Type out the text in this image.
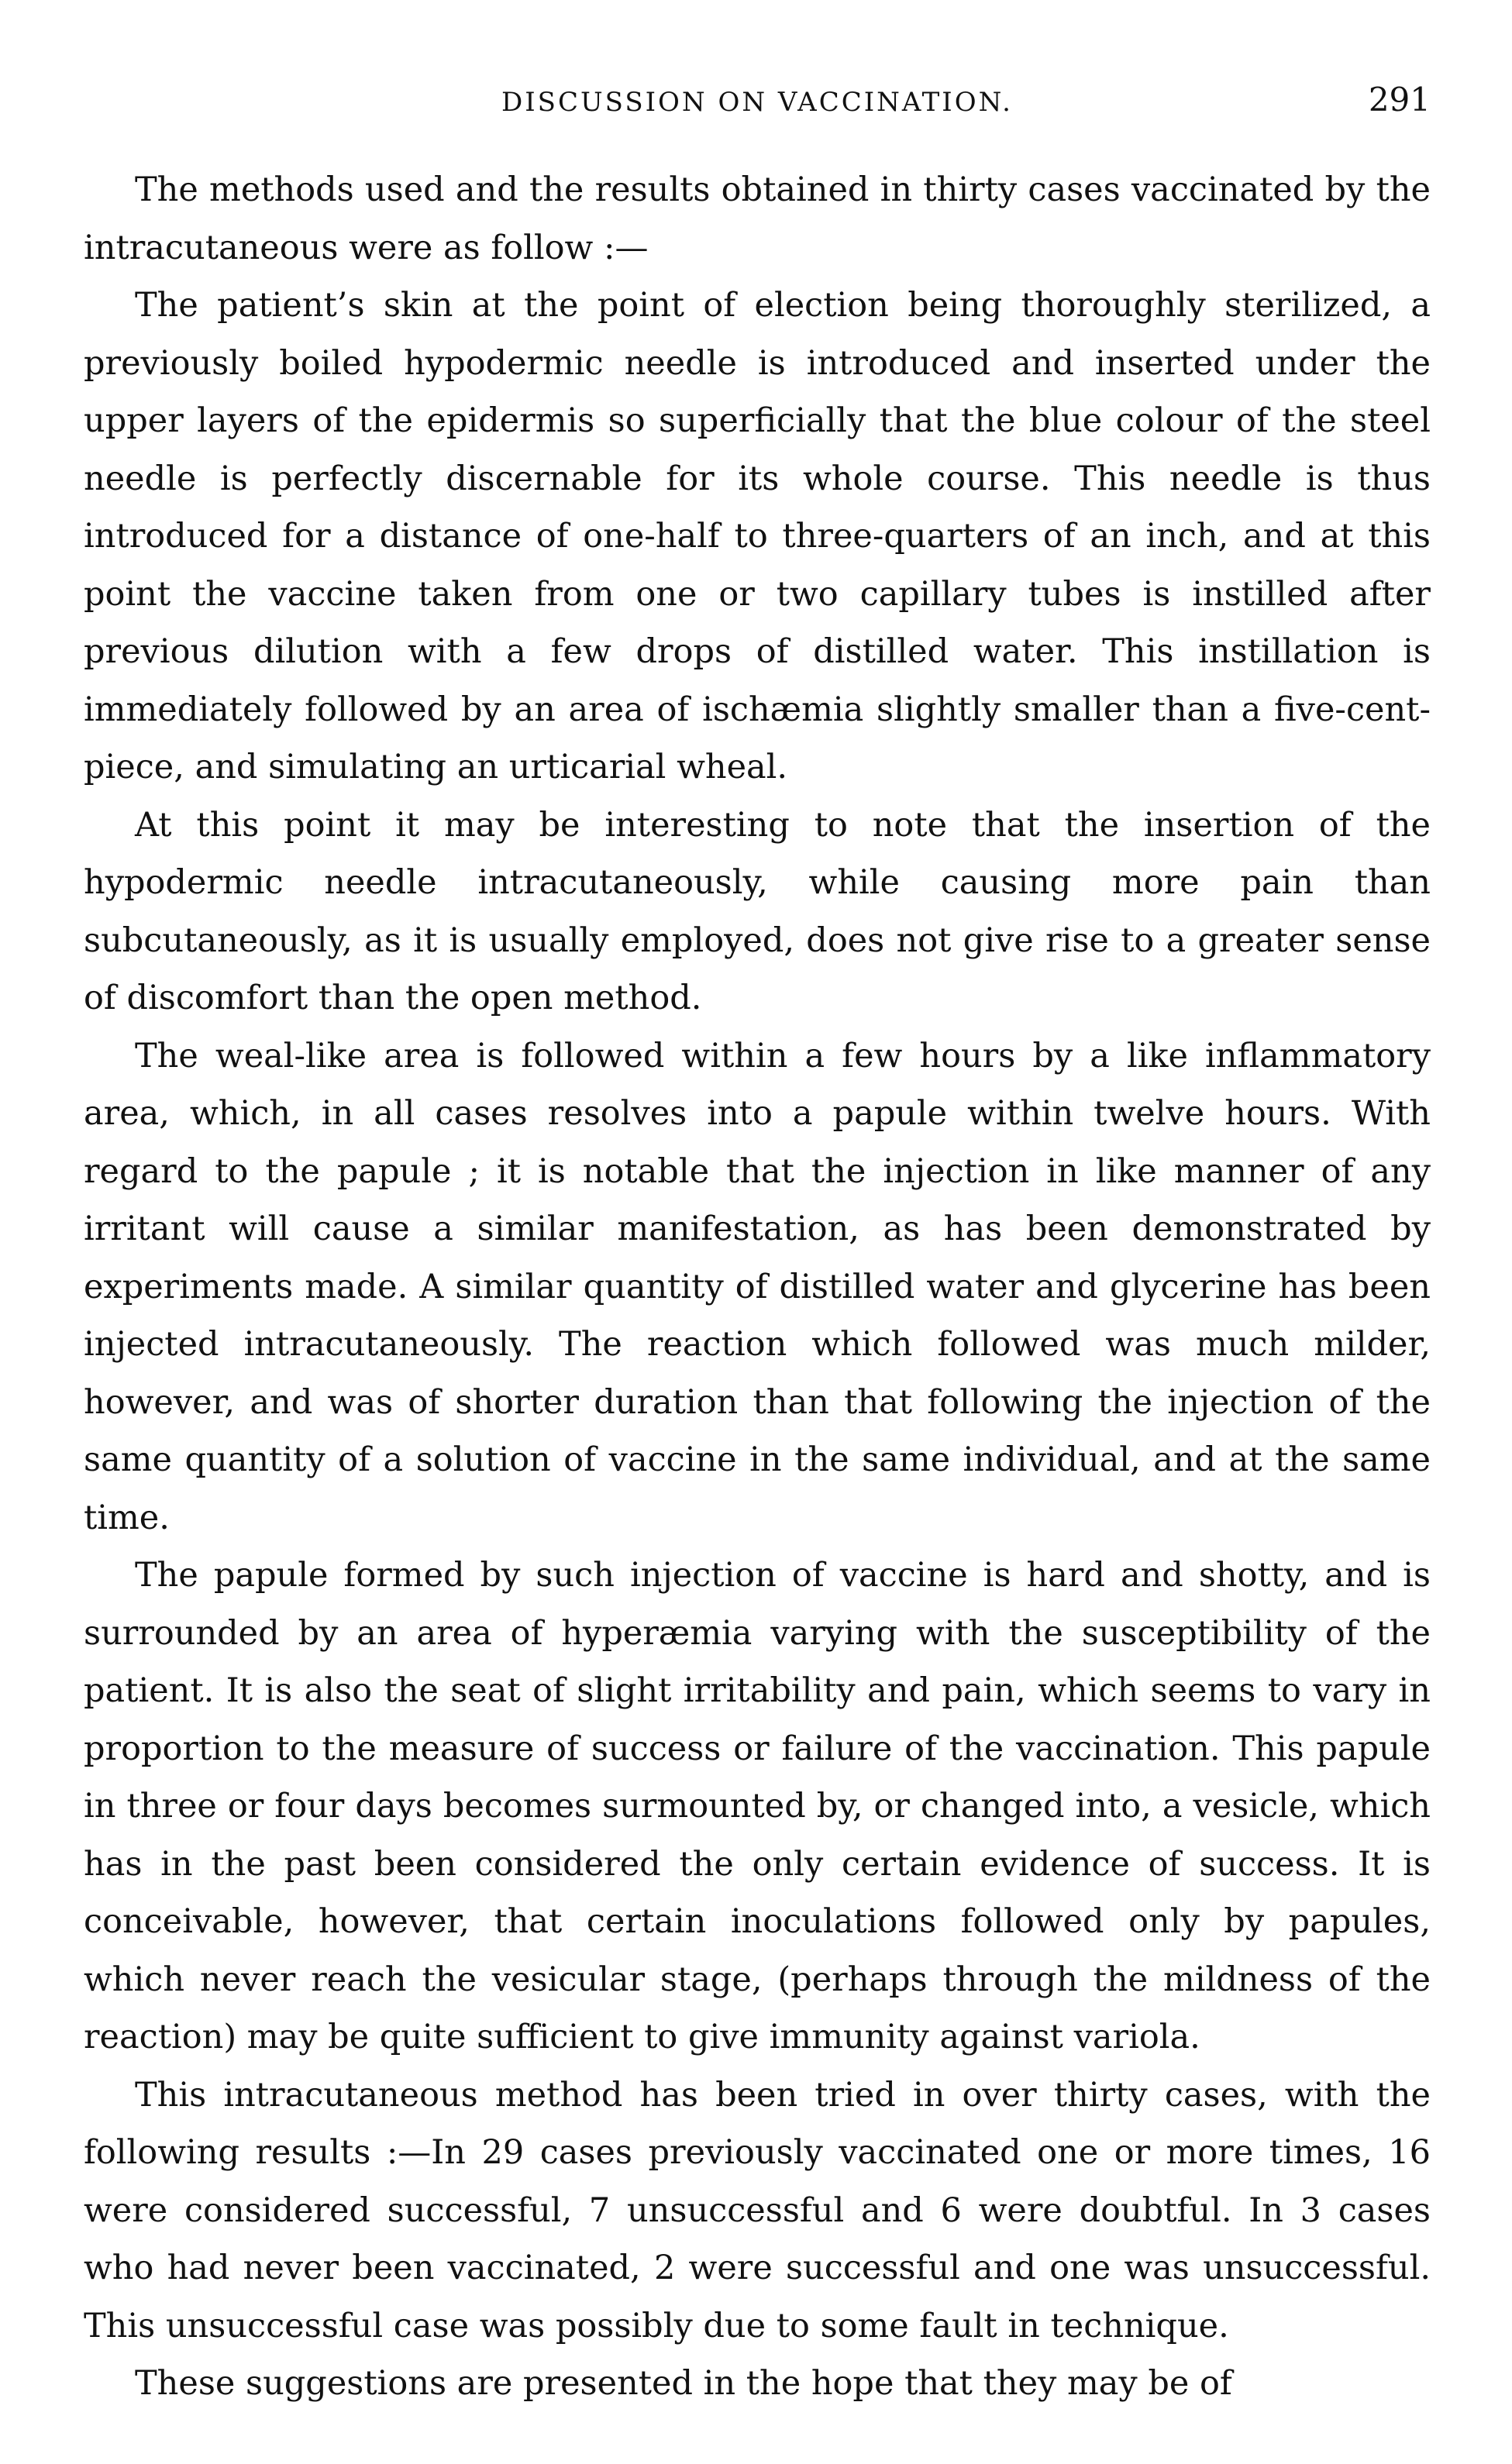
DISCUSSION ON VACCINATION.	291

The methods used and the results obtained in thirty cases vaccinated by the intracutaneous were as follow :—

The patient’s skin at the point of election being thoroughly sterilized, a previously boiled hypodermic needle is introduced and inserted under the upper layers of the epidermis so superficially that the blue colour of the steel needle is perfectly discernable for its whole course. This needle is thus introduced for a distance of one-half to three-quarters of an inch, and at this point the vaccine taken from one or two capillary tubes is instilled after previous dilution with a few drops of distilled water. This instillation is immediately followed by an area of ischæmia slightly smaller than a five-cent-piece, and simulating an urticarial wheal.

At this point it may be interesting to note that the insertion of the hypodermic needle intracutaneously, while causing more pain than subcutaneously, as it is usually employed, does not give rise to a greater sense of discomfort than the open method.

The weal-like area is followed within a few hours by a like inflammatory area, which, in all cases resolves into a papule within twelve hours. With regard to the papule ; it is notable that the injection in like manner of any irritant will cause a similar manifestation, as has been demonstrated by experiments made. A similar quantity of distilled water and glycerine has been injected intracutaneously. The reaction which followed was much milder, however, and was of shorter duration than that following the injection of the same quantity of a solution of vaccine in the same individual, and at the same time.

The papule formed by such injection of vaccine is hard and shotty, and is surrounded by an area of hyperæmia varying with the susceptibility of the patient. It is also the seat of slight irritability and pain, which seems to vary in proportion to the measure of success or failure of the vaccination. This papule in three or four days becomes surmounted by, or changed into, a vesicle, which has in the past been considered the only certain evidence of success. It is conceivable, however, that certain inoculations followed only by papules, which never reach the vesicular stage, (perhaps through the mildness of the reaction) may be quite sufficient to give immunity against variola.

This intracutaneous method has been tried in over thirty cases, with the following results :—In 29 cases previously vaccinated one or more times, 16 were considered successful, 7 unsuccessful and 6 were doubtful. In 3 cases who had never been vaccinated, 2 were successful and one was unsuccessful. This unsuccessful case was possibly due to some fault in technique.

These suggestions are presented in the hope that they may be of
